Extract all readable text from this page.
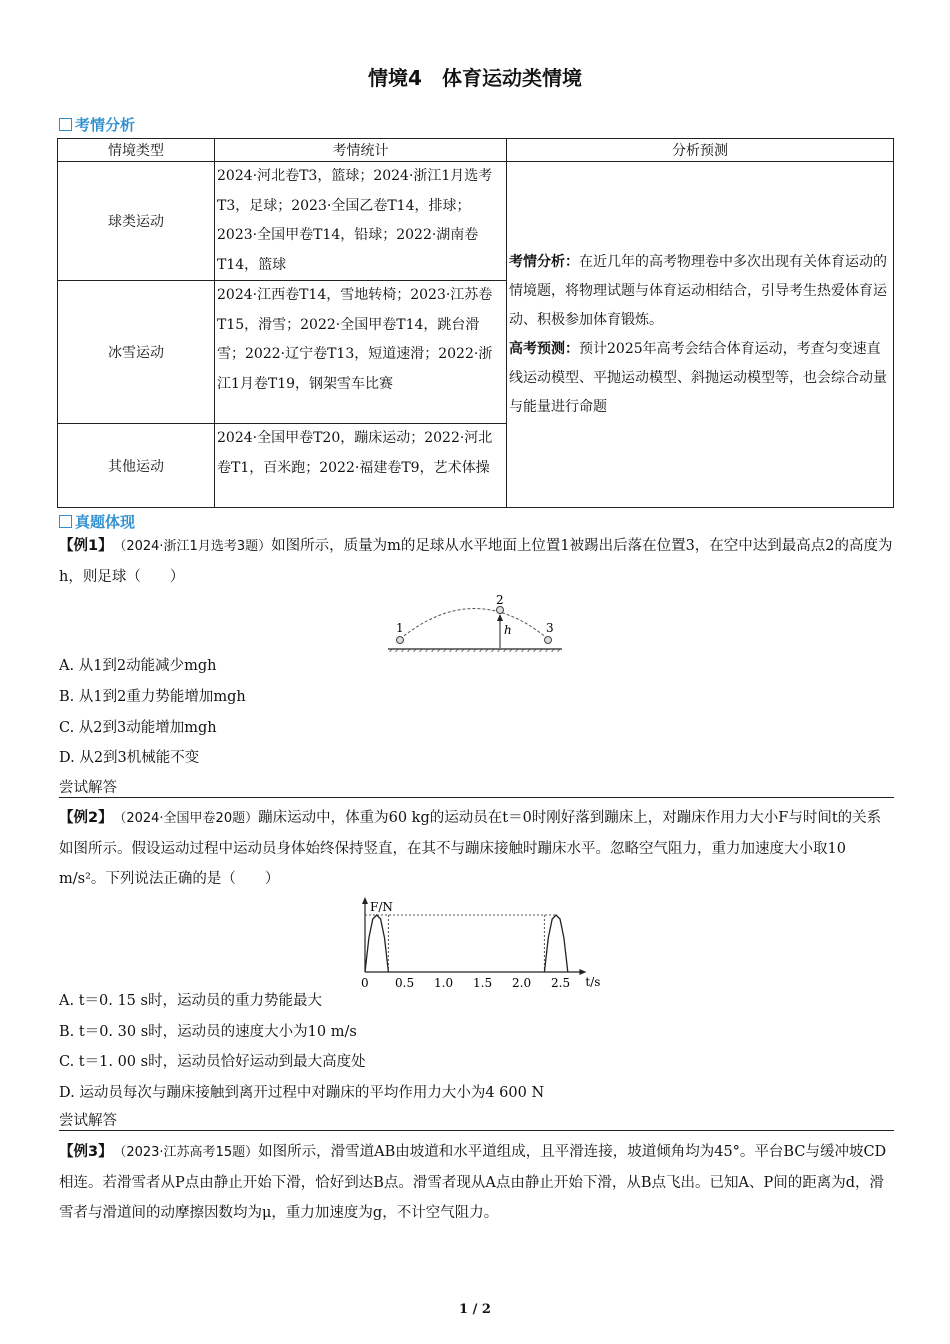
情境4　体育运动类情境
考情分析
情境类型	考情统计	分析预测
球类运动	2024·河北卷T3，篮球；2024·浙江1月选考T3，足球；2023·全国乙卷T14，排球；2023·全国甲卷T14，铅球；2022·湖南卷T14，篮球	考情分析：在近几年的高考物理卷中多次出现有关体育运动的情境题，将物理试题与体育运动相结合，引导考生热爱体育运动、积极参加体育锻炼。
高考预测：预计2025年高考会结合体育运动，考查匀变速直线运动模型、平抛运动模型、斜抛运动模型等，也会综合动量与能量进行命题
冰雪运动	2024·江西卷T14，雪地转椅；2023·江苏卷T15，滑雪；2022·全国甲卷T14，跳台滑雪；2022·辽宁卷T13，短道速滑；2022·浙江1月卷T19，钢架雪车比赛	
其他运动	2024·全国甲卷T20，蹦床运动；2022·河北卷T1，百米跑；2022·福建卷T9，艺术体操	
真题体现
【例1】　 （2024·浙江1月选考3题）如图所示，质量为m的足球从水平地面上位置1被踢出后落在位置3，在空中达到最高点2的高度为h，则足球（　　）
1
2
3
h
A. 从1到2动能减少mgh
B. 从1到2重力势能增加mgh
C. 从2到3动能增加mgh
D. 从2到3机械能不变
尝试解答
【例2】　 （2024·全国甲卷20题）蹦床运动中，体重为60 kg的运动员在t＝0时刚好落到蹦床上，对蹦床作用力大小F与时间t的关系如图所示。假设运动过程中运动员身体始终保持竖直，在其不与蹦床接触时蹦床水平。忽略空气阻力，重力加速度大小取10 m/s²。下列说法正确的是（　　）
F/N
t/s
0 0.5 1.0 1.5 2.0 2.5
A. t＝0. 15 s时，运动员的重力势能最大
B. t＝0. 30 s时，运动员的速度大小为10 m/s
C. t＝1. 00 s时，运动员恰好运动到最大高度处
D. 运动员每次与蹦床接触到离开过程中对蹦床的平均作用力大小为4 600 N
尝试解答
【例3】　 （2023·江苏高考15题）如图所示，滑雪道AB由坡道和水平道组成，且平滑连接，坡道倾角均为45°。平台BC与缓冲坡CD相连。若滑雪者从P点由静止开始下滑，恰好到达B点。滑雪者现从A点由静止开始下滑，从B点飞出。已知A、P间的距离为d，滑雪者与滑道间的动摩擦因数均为μ，重力加速度为g，不计空气阻力。
1 / 2
